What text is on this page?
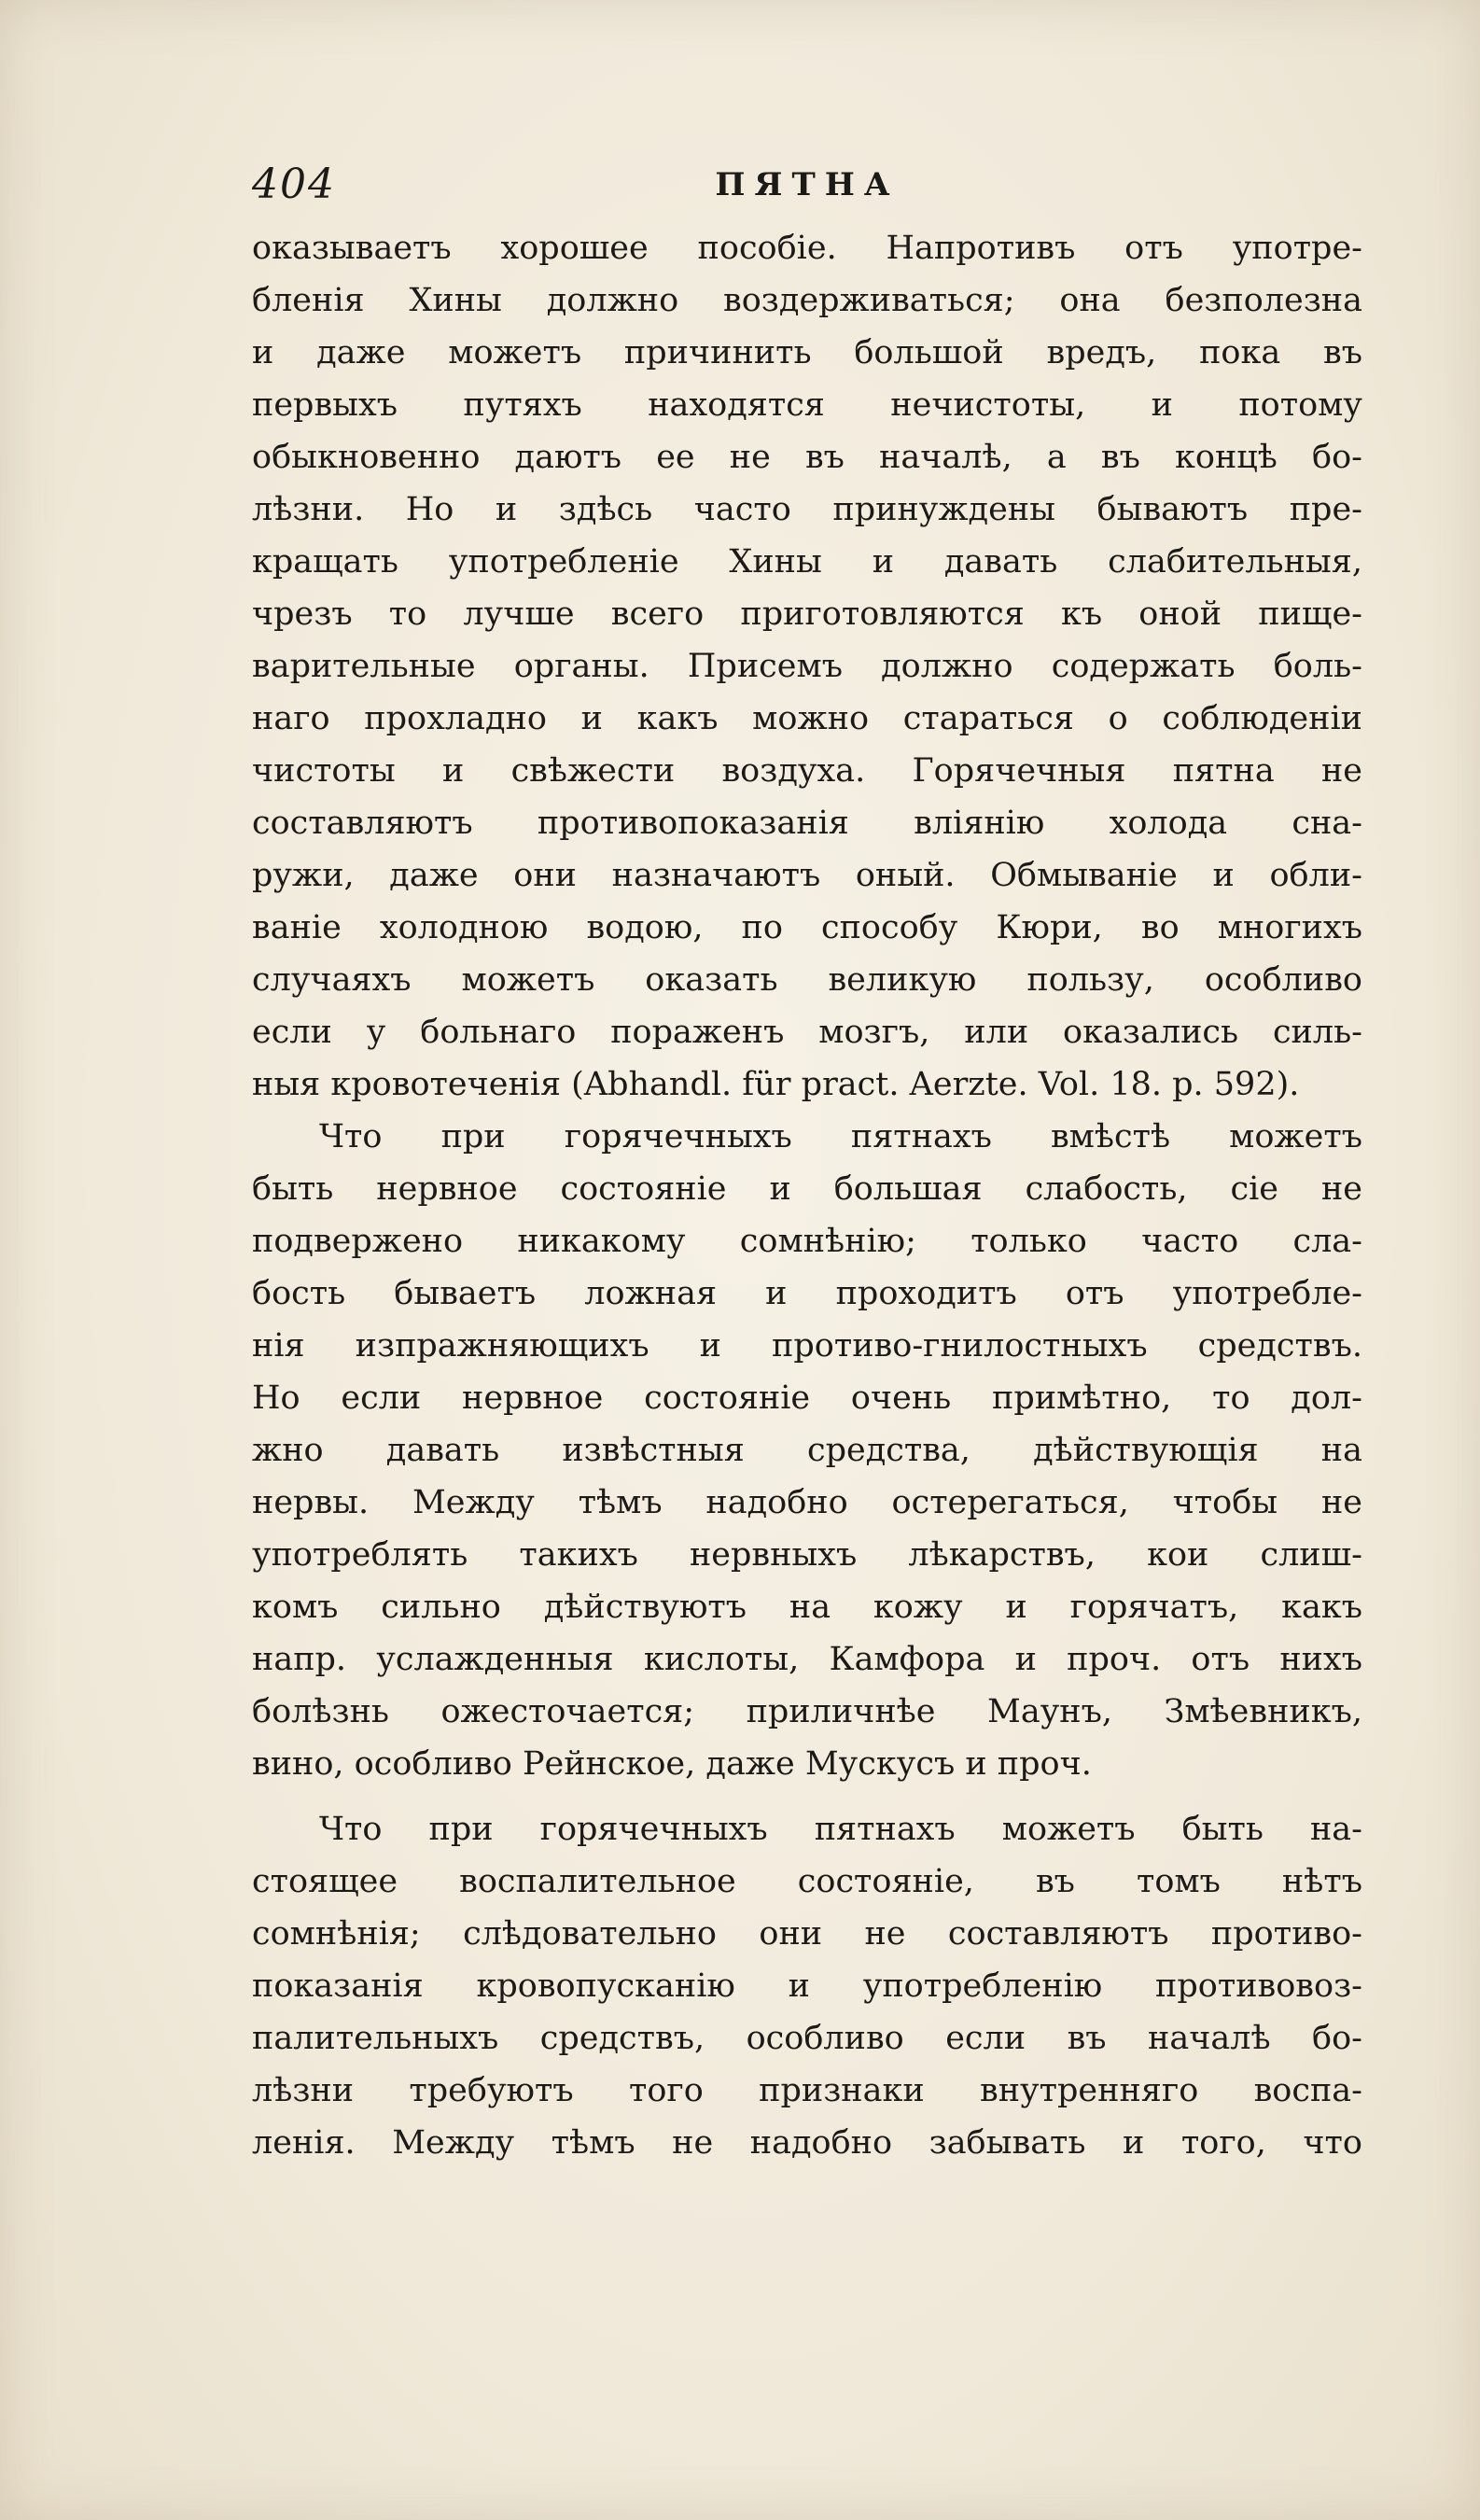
404	ПЯТНА
оказываетъ хорошее пособіе. Напротивъ отъ употре-
бленія Хины должно воздерживаться; она безполезна
и даже можетъ причинить большой вредъ, пока въ
первыхъ путяхъ находятся нечистоты, и потому
обыкновенно даютъ ее не въ началѣ, а въ концѣ бо-
лѣзни. Но и здѣсь часто принуждены бываютъ пре-
кращать употребленіе Хины и давать слабительныя,
чрезъ то лучше всего приготовляются къ оной пище-
варительные органы. Присемъ должно содержать боль-
наго прохладно и какъ можно стараться о соблюденіи
чистоты и свѣжести воздуха. Горячечныя пятна не
составляютъ противопоказанія вліянію холода сна-
ружи, даже они назначаютъ оный. Обмываніе и обли-
ваніе холодною водою, по способу Кюри, во многихъ
случаяхъ можетъ оказать великую пользу, особливо
если у больнаго пораженъ мозгъ, или оказались силь-
ныя кровотеченія (Abhandl. für pract. Aerzte. Vol. 18. p. 592).
Что при горячечныхъ пятнахъ вмѣстѣ можетъ
быть нервное состояніе и большая слабость, сіе не
подвержено никакому сомнѣнію; только часто сла-
бость бываетъ ложная и проходитъ отъ употребле-
нія изпражняющихъ и противо-гнилостныхъ средствъ.
Но если нервное состояніе очень примѣтно, то дол-
жно давать извѣстныя средства, дѣйствующія на
нервы. Между тѣмъ надобно остерегаться, чтобы не
употреблять такихъ нервныхъ лѣкарствъ, кои слиш-
комъ сильно дѣйствуютъ на кожу и горячатъ, какъ
напр. услажденныя кислоты, Камфора и проч. отъ нихъ
болѣзнь ожесточается; приличнѣе Маунъ, Змѣевникъ,
вино, особливо Рейнское, даже Мускусъ и проч.
Что при горячечныхъ пятнахъ можетъ быть на-
стоящее воспалительное состояніе, въ томъ нѣтъ
сомнѣнія; слѣдовательно они не составляютъ противо-
показанія кровопусканію и употребленію противовоз-
палительныхъ средствъ, особливо если въ началѣ бо-
лѣзни требуютъ того признаки внутренняго воспа-
ленія. Между тѣмъ не надобно забывать и того, что
